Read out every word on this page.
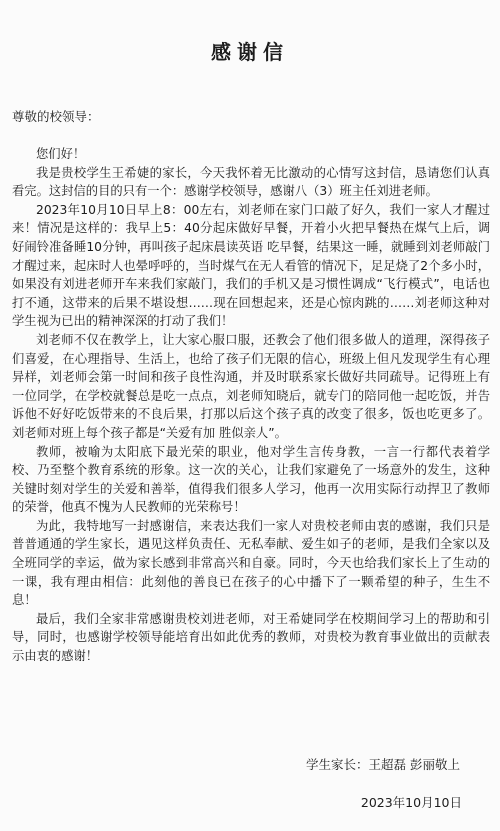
感谢信
尊敬的校领导：

您们好！

我是贵校学生王希婕的家长，今天我怀着无比激动的心情写这封信，恳请您们认真看完。这封信的目的只有一个：感谢学校领导，感谢八（3）班主任刘进老师。

2023年10月10日早上8：00左右，刘老师在家门口敲了好久，我们一家人才醒过来！情况是这样的：我早上5：40分起床做好早餐，开着小火把早餐热在煤气上后，调好闹铃准备睡10分钟，再叫孩子起床晨读英语 吃早餐，结果这一睡，就睡到刘老师敲门才醒过来，起床时人也晕呼呼的，当时煤气在无人看管的情况下，足足烧了2个多小时，如果没有刘进老师开车来我们家敲门，我们的手机又是习惯性调成“飞行模式”，电话也打不通，这带来的后果不堪设想……现在回想起来，还是心惊肉跳的……刘老师这种对学生视为已出的精神深深的打动了我们！

刘老师不仅在教学上，让大家心服口服，还教会了他们很多做人的道理，深得孩子们喜爱，在心理指导、生活上，也给了孩子们无限的信心，班级上但凡发现学生有心理异样，刘老师会第一时间和孩子良性沟通，并及时联系家长做好共同疏导。记得班上有一位同学，在学校就餐总是吃一点点，刘老师知晓后，就专门的陪同他一起吃饭，并告诉他不好好吃饭带来的不良后果，打那以后这个孩子真的改变了很多，饭也吃更多了。刘老师对班上每个孩子都是“关爱有加 胜似亲人”。

教师，被喻为太阳底下最光荣的职业，他对学生言传身教，一言一行都代表着学校、乃至整个教育系统的形象。这一次的关心，让我们家避免了一场意外的发生，这种关键时刻对学生的关爱和善举，值得我们很多人学习，他再一次用实际行动捍卫了教师的荣誉，他真不愧为人民教师的光荣称号！

为此，我特地写一封感谢信，来表达我们一家人对贵校老师由衷的感谢，我们只是普普通通的学生家长，遇见这样负责任、无私奉献、爱生如子的老师，是我们全家以及全班同学的幸运，做为家长感到非常高兴和自豪。同时，今天也给我们家长上了生动的一课，我有理由相信：此刻他的善良已在孩子的心中播下了一颗希望的种子，生生不息！

最后，我们全家非常感谢贵校刘进老师，对王希婕同学在校期间学习上的帮助和引导，同时，也感谢学校领导能培育出如此优秀的教师，对贵校为教育事业做出的贡献表示由衷的感谢！

学生家长：王超磊 彭丽敬上
2023年10月10日
